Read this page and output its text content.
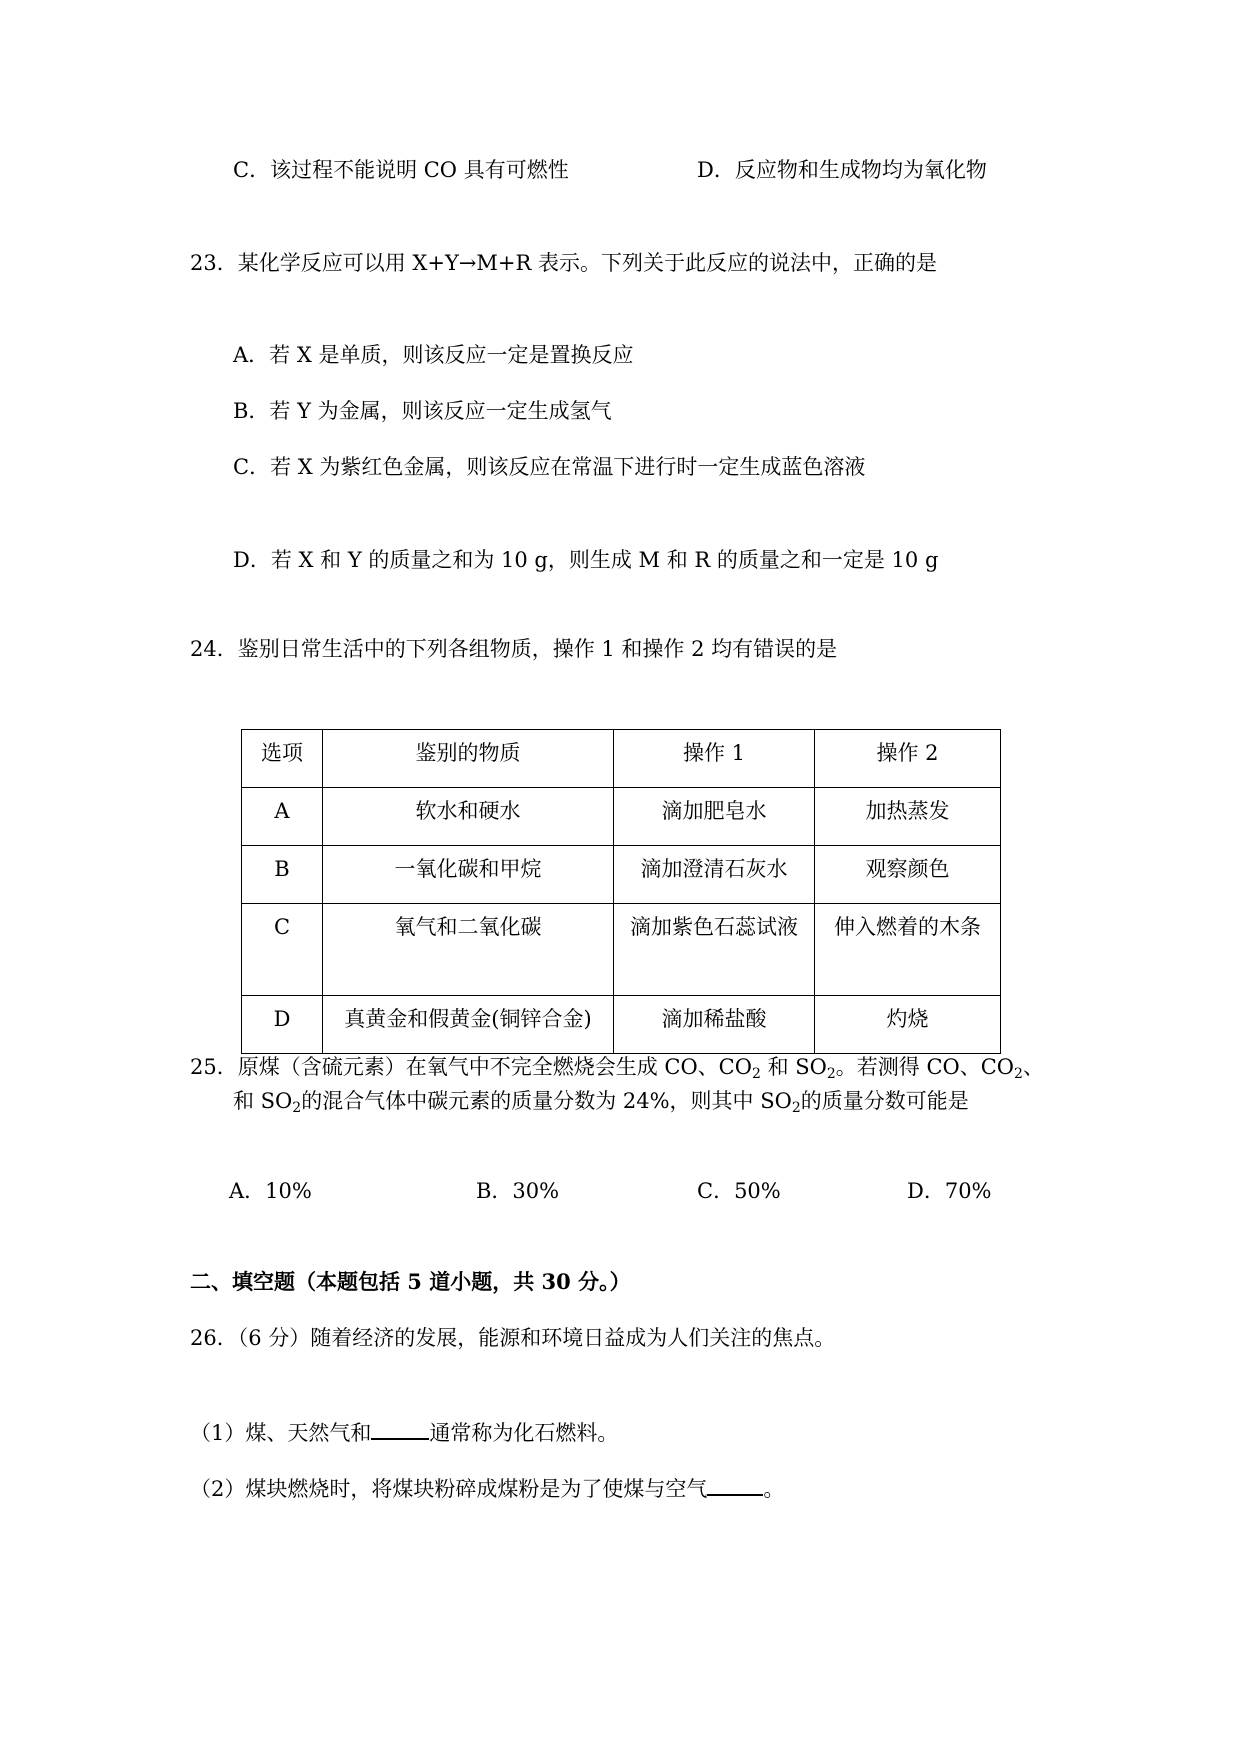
C．该过程不能说明 CO 具有可燃性	D．反应物和生成物均为氧化物
23．某化学反应可以用 X+Y→M+R 表示。下列关于此反应的说法中，正确的是
A．若 X 是单质，则该反应一定是置换反应
B．若 Y 为金属，则该反应一定生成氢气
C．若 X 为紫红色金属，则该反应在常温下进行时一定生成蓝色溶液
D．若 X 和 Y 的质量之和为 10 g，则生成 M 和 R 的质量之和一定是 10 g
24．鉴别日常生活中的下列各组物质，操作 1 和操作 2 均有错误的是
选项	鉴别的物质	操作 1	操作 2

A	软水和硬水	滴加肥皂水	加热蒸发

B	一氧化碳和甲烷	滴加澄清石灰水	观察颜色

C	氧气和二氧化碳	滴加紫色石蕊试液	伸入燃着的木条

D	真黄金和假黄金(铜锌合金)	滴加稀盐酸	灼烧
25．原煤（含硫元素）在氧气中不完全燃烧会生成 CO、$CO_2$ 和 $SO_2$。若测得 CO、$CO_2$、
和 $SO_2$的混合气体中碳元素的质量分数为 24%，则其中 $SO_2$的质量分数可能是
A．10%	B．30%	C．50%	D．70%
二、填空题（本题包括 5 道小题，共 30 分。）
26．（6 分）随着经济的发展，能源和环境日益成为人们关注的焦点。
（1）煤、天然气和	通常称为化石燃料。
（2）煤块燃烧时，将煤块粉碎成煤粉是为了使煤与空气	。
